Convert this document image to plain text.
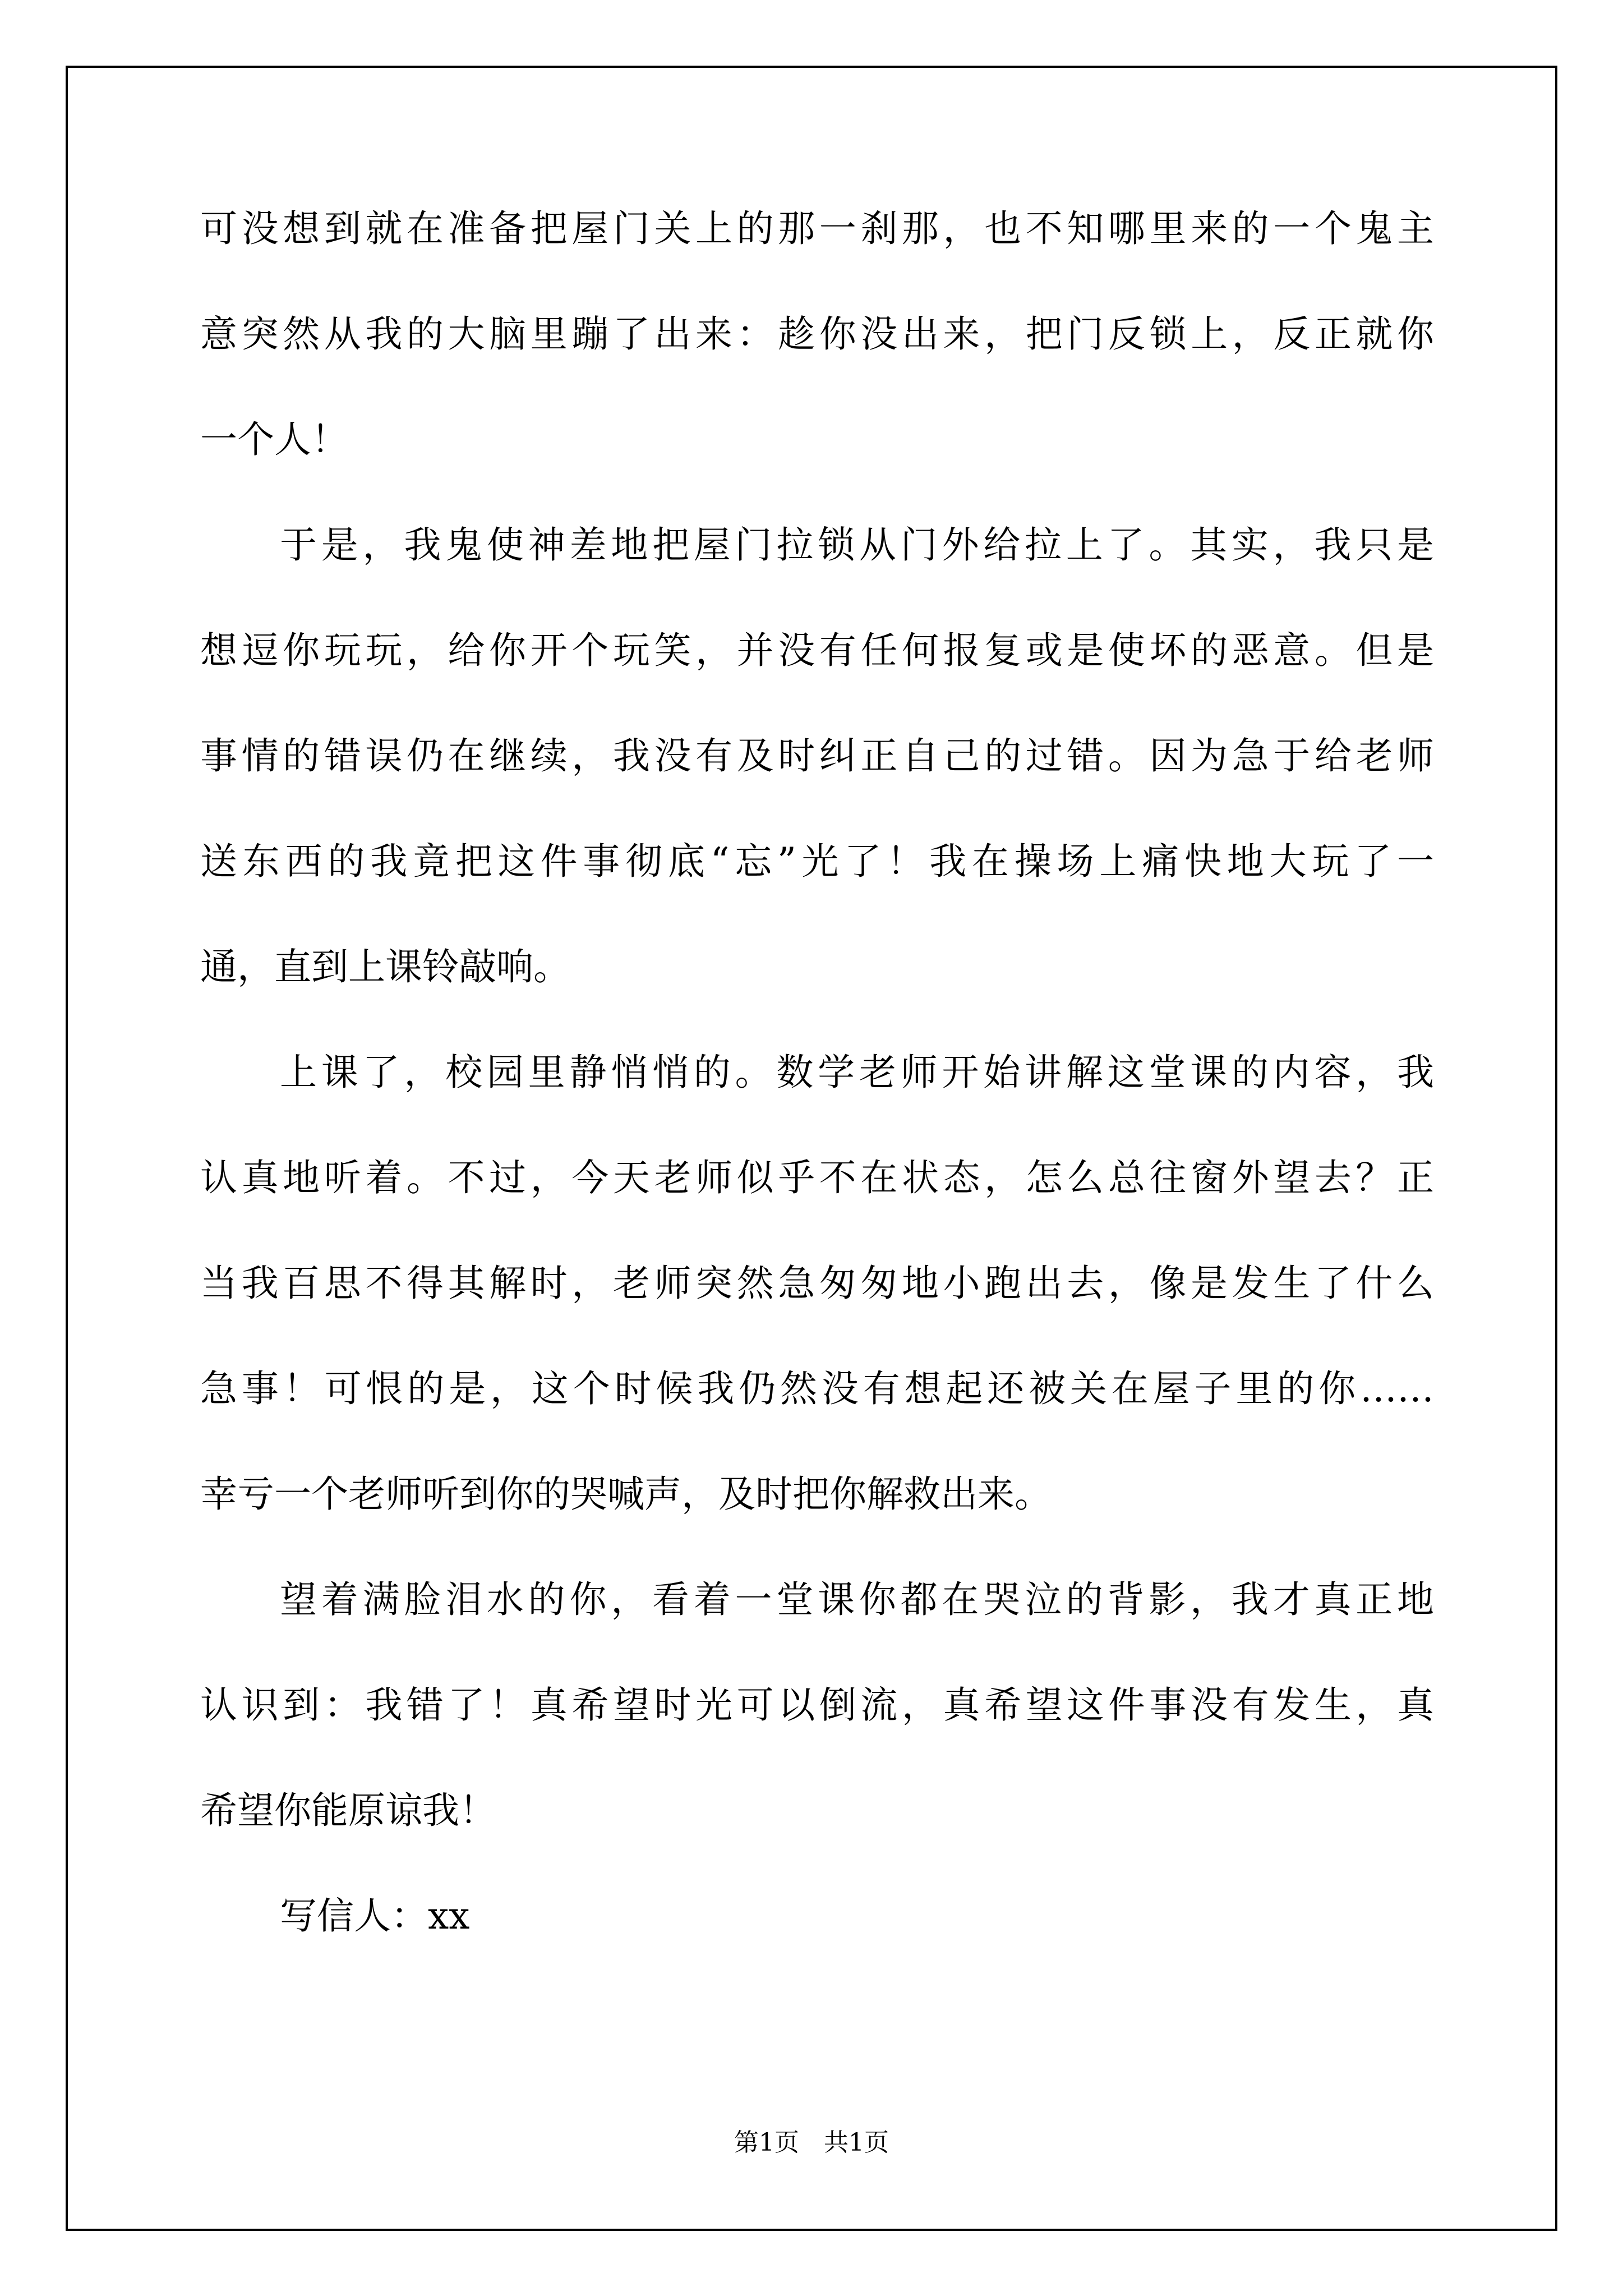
可没想到就在准备把屋门关上的那一刹那，也不知哪里来的一个鬼主
意突然从我的大脑里蹦了出来：趁你没出来，把门反锁上，反正就你
一个人！
于是，我鬼使神差地把屋门拉锁从门外给拉上了。其实，我只是
想逗你玩玩，给你开个玩笑，并没有任何报复或是使坏的恶意。但是
事情的错误仍在继续，我没有及时纠正自己的过错。因为急于给老师
送东西的我竟把这件事彻底“忘”光了！我在操场上痛快地大玩了一
通，直到上课铃敲响。
上课了，校园里静悄悄的。数学老师开始讲解这堂课的内容，我
认真地听着。不过，今天老师似乎不在状态，怎么总往窗外望去？正
当我百思不得其解时，老师突然急匆匆地小跑出去，像是发生了什么
急事！可恨的是，这个时候我仍然没有想起还被关在屋子里的你……
幸亏一个老师听到你的哭喊声，及时把你解救出来。
望着满脸泪水的你，看着一堂课你都在哭泣的背影，我才真正地
认识到：我错了！真希望时光可以倒流，真希望这件事没有发生，真
希望你能原谅我！
写信人：xx
第1页　共1页
